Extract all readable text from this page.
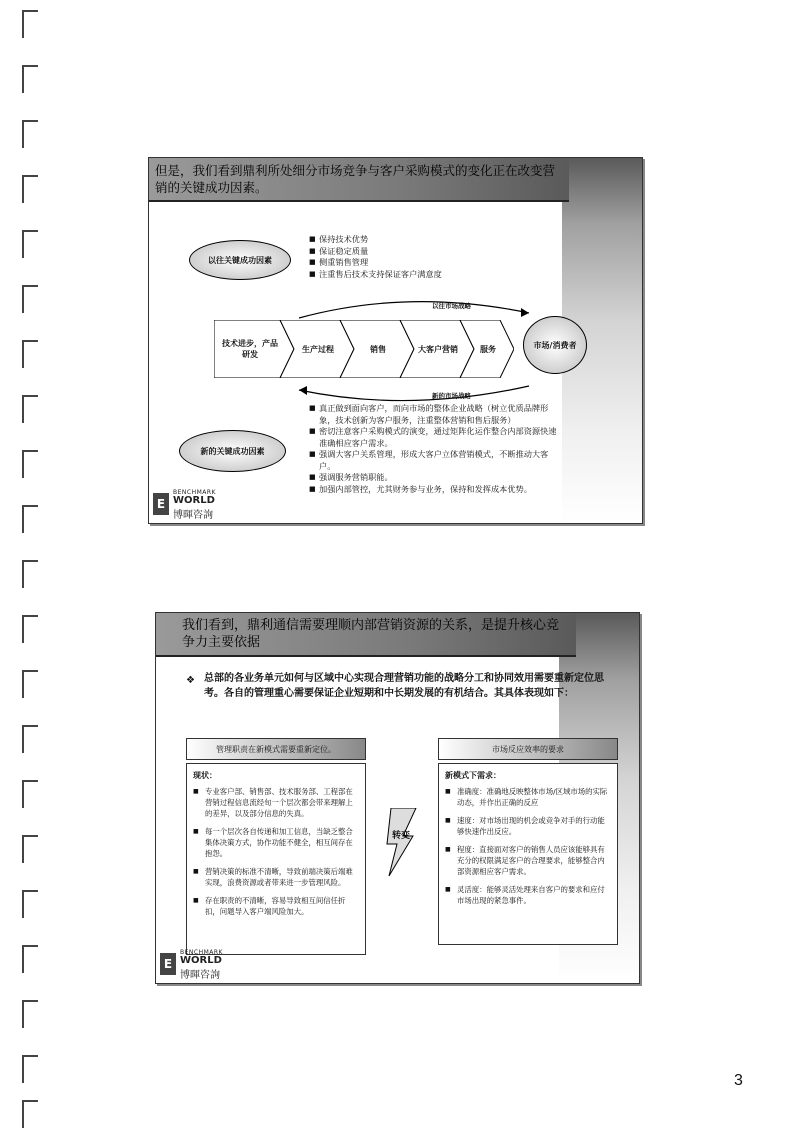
但是，我们看到鼎利所处细分市场竞争与客户采购模式的变化正在改变营销的关键成功因素。
以往关键成功因素
■ 保持技术优势
■ 保证稳定质量
■ 侧重销售管理
■ 注重售后技术支持保证客户满意度
以往市场战略
新的市场战略
技术进步，产品研发
生产过程	销售	大客户营销	服务	市场/消费者
新的关键成功因素
■ 真正做到面向客户，而向市场的整体企业战略（树立优质品牌形象，技术创新为客户服务，注重整体营销和售后服务）
■ 密切注意客户采购模式的演变，通过矩阵化运作整合内部资源快速准确相应客户需求。
■ 强调大客户关系管理，形成大客户立体营销模式，不断推动大客户。
■ 强调服务营销职能。
■ 加强内部管控，尤其财务参与业务，保持和发挥成本优势。
E
BENCHMARK
WORLD
博暉咨詢
我们看到，鼎利通信需要理顺内部营销资源的关系，是提升核心竞争力主要依据
❖ 总部的各业务单元如何与区域中心实现合理营销功能的战略分工和协同效用需要重新定位思考。各自的管理重心需要保证企业短期和中长期发展的有机结合。其具体表现如下：
管理职责在新模式需要重新定位。	市场反应效率的要求
现状：
■ 专业客户部、销售部、技术服务部、工程部在营销过程信息流经旬一个层次都会带来理解上的差异，以及部分信息的失真。
■ 每一个层次各自传递和加工信息，当缺乏整合集体决策方式，协作功能不健全，相互间存在抱怨。
■ 营销决策的标准不清晰，导致前端决策后端难实现，浪费资源或者带来进一步管理风险。
■ 存在职责的不清晰，容易导致相互间信任折扣，问题导入客户端风险加大。
新模式下需求：
■ 准确度：准确地反映整体市场/区域市场的实际动态，并作出正确的反应
■ 速度：对市场出现的机会或竞争对手的行动能够快速作出反应。
■ 程度：直接面对客户的销售人员应该能够具有充分的权限满足客户的合理要求，能够整合内部资源相应客户需求。
■ 灵活度：能够灵活处理来自客户的要求和应付市场出现的紧急事件。
转变
E
BENCHMARK
WORLD
博暉咨詢
3
